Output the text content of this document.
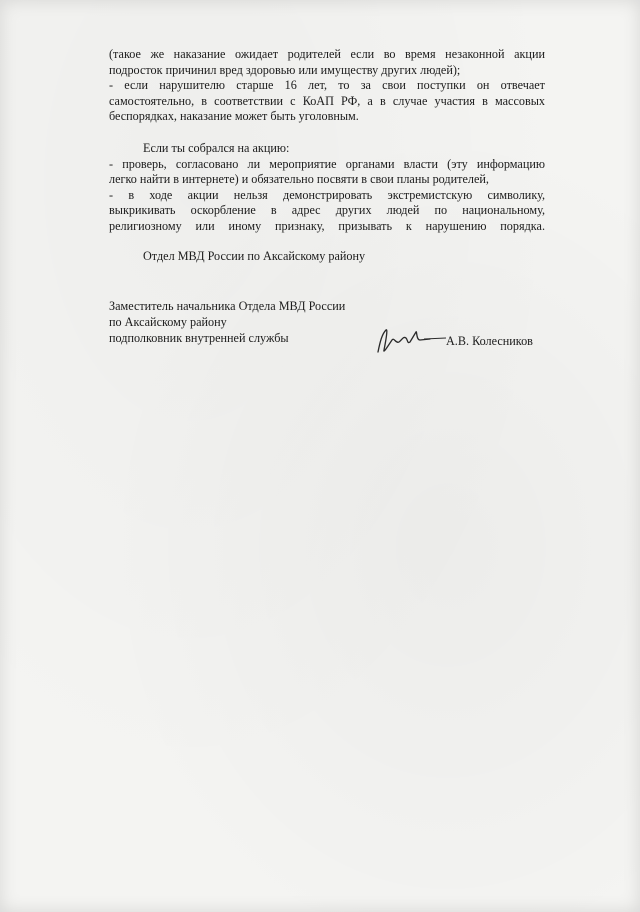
(такое же наказание ожидает родителей если во время незаконной акции
подросток причинил вред здоровью или имуществу других людей);

- если нарушителю старше 16 лет, то за свои поступки он отвечает
самостоятельно, в соответствии с КоАП РФ, а в случае участия в массовых
беспорядках, наказание может быть уголовным.

Если ты собрался на акцию:

- проверь, согласовано ли мероприятие органами власти (эту информацию
легко найти в интернете) и обязательно посвяти в свои планы родителей,

- в ходе акции нельзя демонстрировать экстремистскую символику,
выкрикивать оскорбление в адрес других людей по национальному,
религиозному или иному признаку, призывать к нарушению порядка.

Отдел МВД России по Аксайскому району

Заместитель начальника Отдела МВД России
по Аксайскому району
подполковник внутренней службы	А.В. Колесников
